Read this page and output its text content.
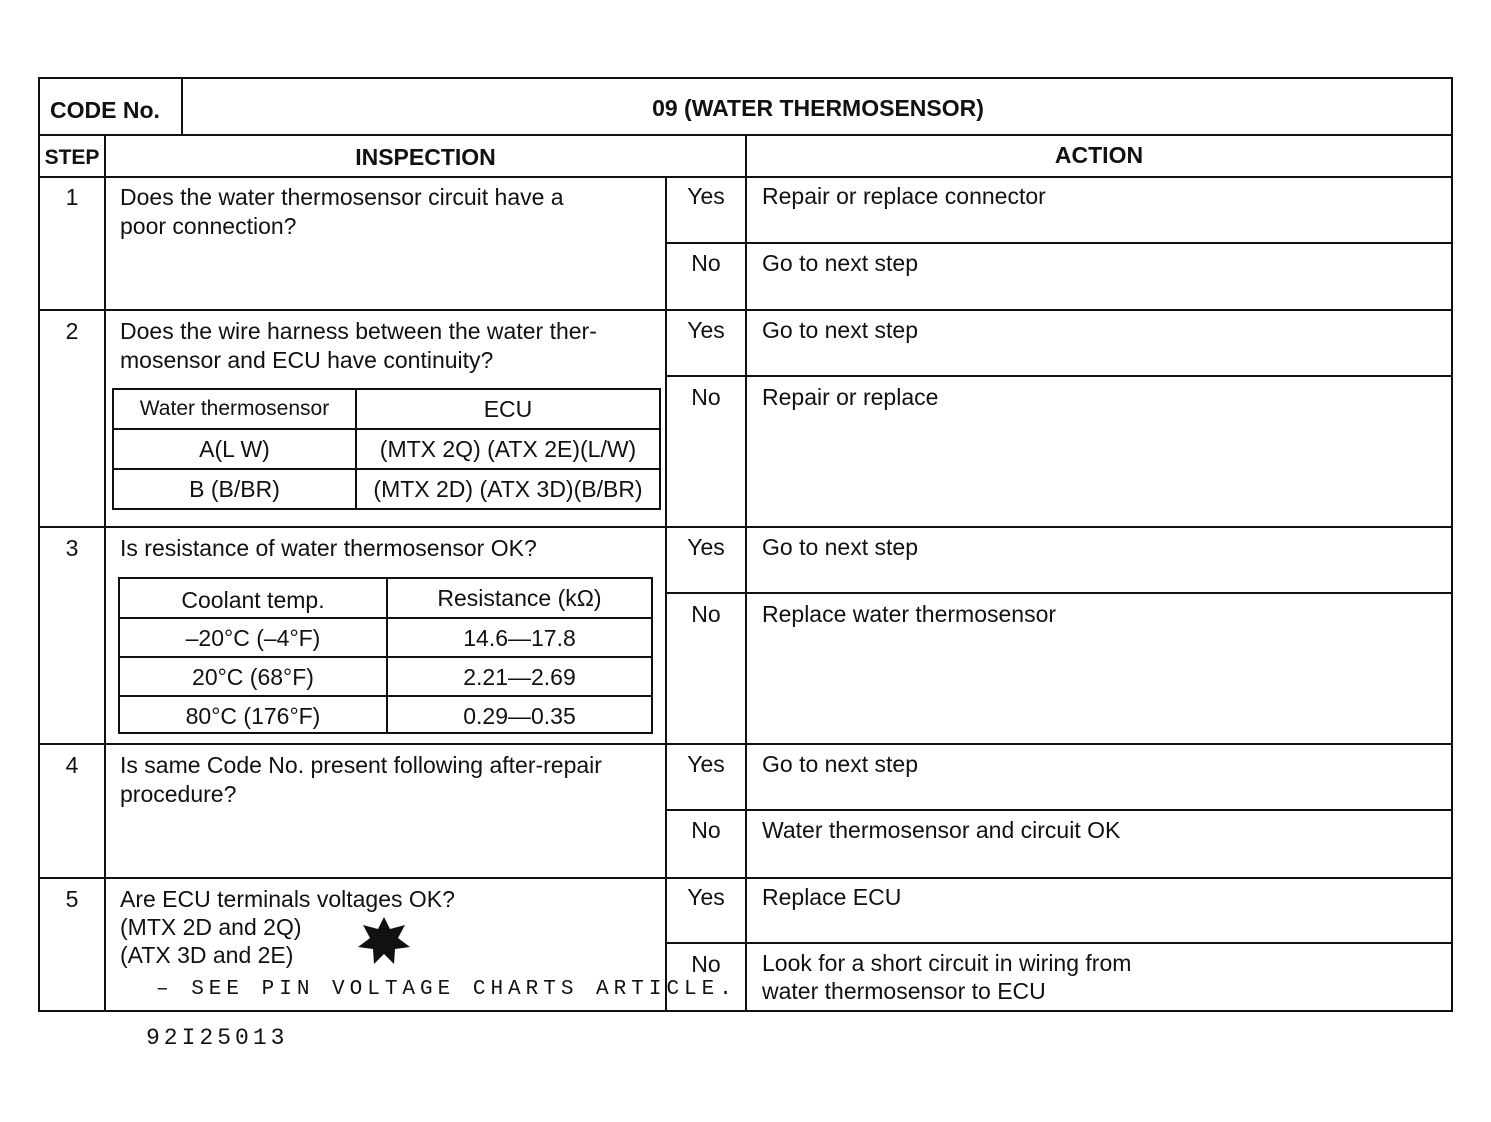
CODE No.	09 (WATER THERMOSENSOR)
STEP	INSPECTION	ACTION
1	Does the water thermosensor circuit have a
poor connection?
Yes	Repair or replace connector
No	Go to next step
2	Does the wire harness between the water ther-
mosensor and ECU have continuity?
Water thermosensor	ECU
A(L W)	(MTX 2Q) (ATX 2E)(L/W)
B (B/BR)	(MTX 2D) (ATX 3D)(B/BR)
Yes	Go to next step
No	Repair or replace
3	Is resistance of water thermosensor OK?
Coolant temp.	Resistance (kΩ)
–20°C (–4°F)	14.6—17.8
20°C (68°F)	2.21—2.69
80°C (176°F)	0.29—0.35
Yes	Go to next step
No	Replace water thermosensor
4	Is same Code No. present following after-repair
procedure?
Yes	Go to next step
No	Water thermosensor and circuit OK
5	Are ECU terminals voltages OK?
(MTX 2D and 2Q)
(ATX 3D and 2E)
– SEE PIN VOLTAGE CHARTS ARTICLE.
Yes	Replace ECU
No	Look for a short circuit in wiring from
water thermosensor to ECU
92I25013
